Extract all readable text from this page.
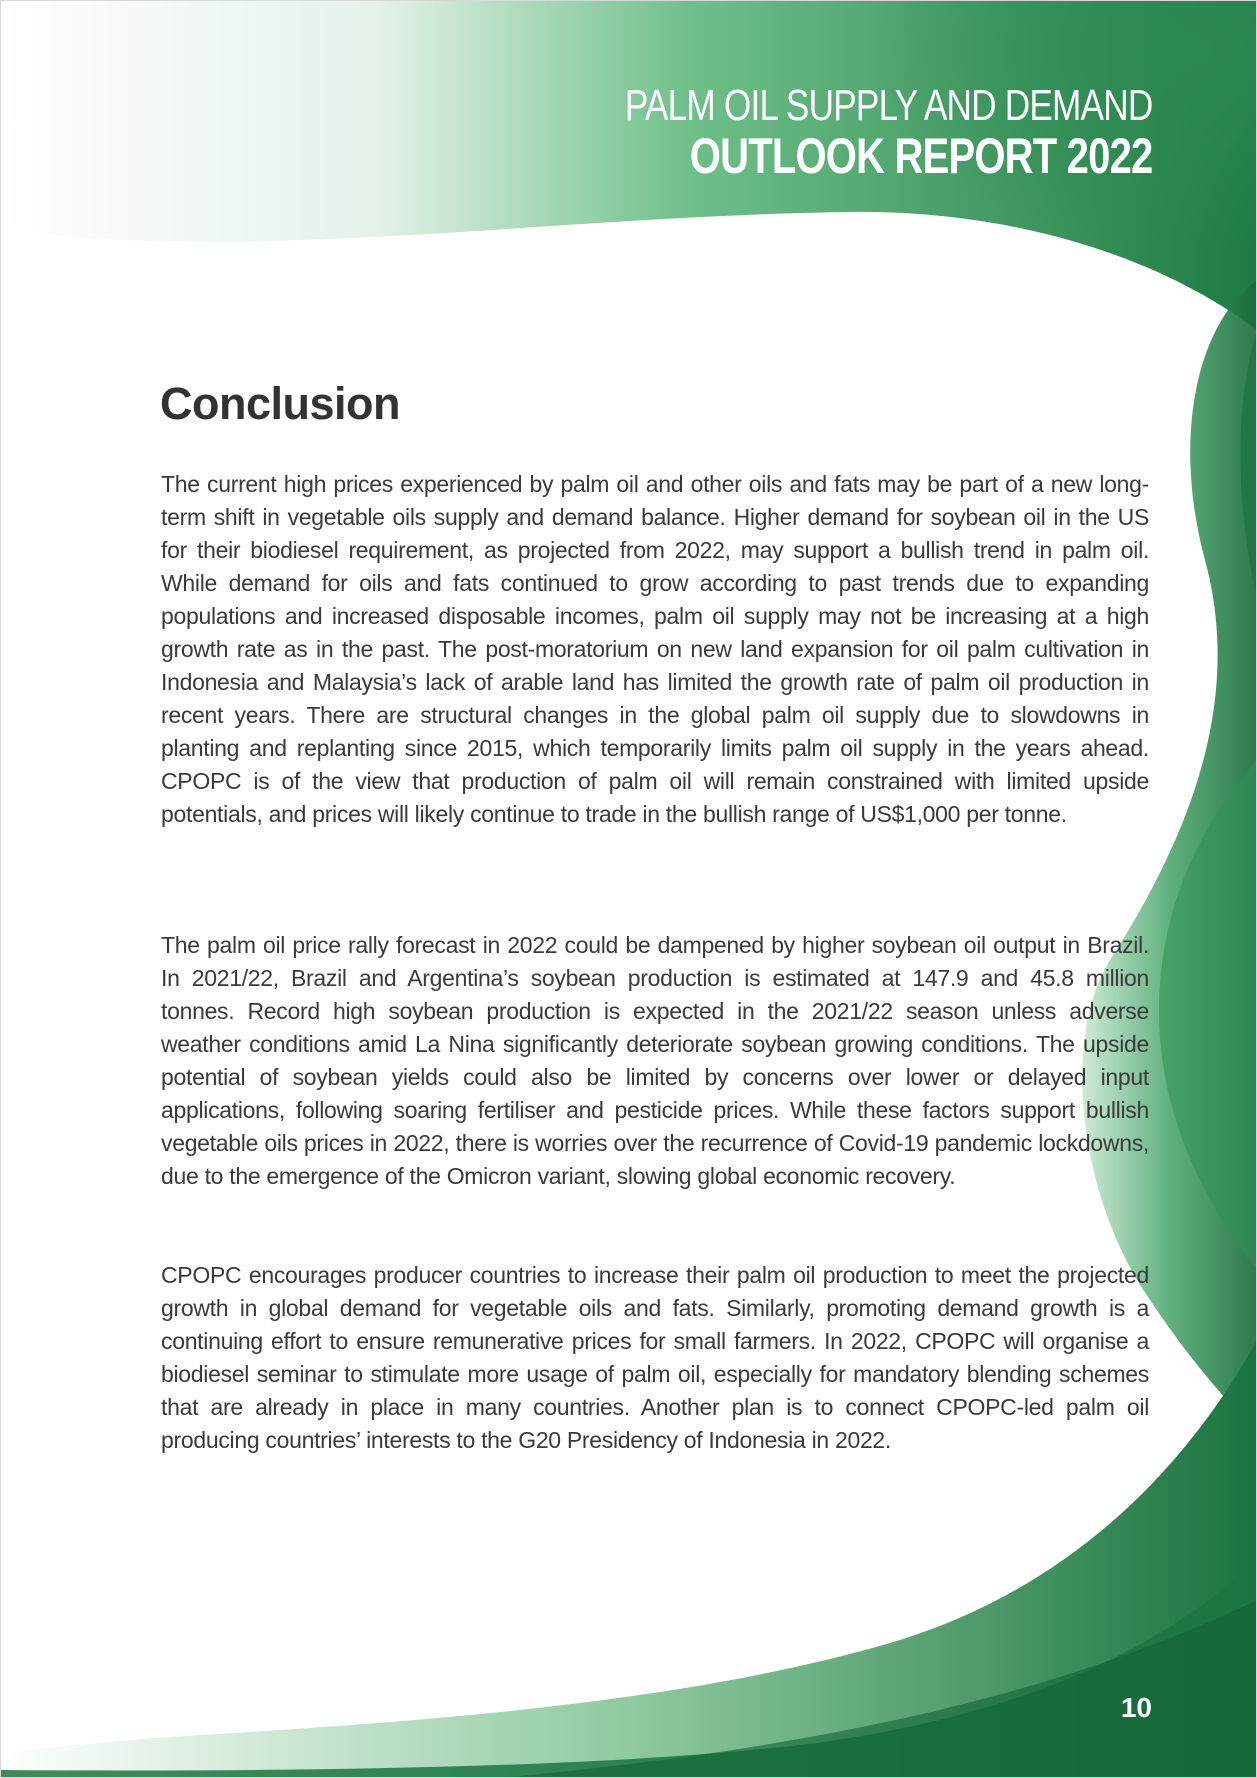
PALM OIL SUPPLY AND DEMAND
OUTLOOK REPORT 2022
Conclusion

The current high prices experienced by palm oil and other oils and fats may be part of a new long-term shift in vegetable oils supply and demand balance. Higher demand for soybean oil in the US for their biodiesel requirement, as projected from 2022, may support a bullish trend in palm oil. While demand for oils and fats continued to grow according to past trends due to expanding populations and increased disposable incomes, palm oil supply may not be increasing at a high growth rate as in the past. The post-moratorium on new land expansion for oil palm cultivation in Indonesia and Malaysia’s lack of arable land has limited the growth rate of palm oil production in recent years. There are structural changes in the global palm oil supply due to slowdowns in planting and replanting since 2015, which temporarily limits palm oil supply in the years ahead. CPOPC is of the view that production of palm oil will remain constrained with limited upside potentials, and prices will likely continue to trade in the bullish range of US$1,000 per tonne.

The palm oil price rally forecast in 2022 could be dampened by higher soybean oil output in Brazil. In 2021/22, Brazil and Argentina’s soybean production is estimated at 147.9 and 45.8 million tonnes. Record high soybean production is expected in the 2021/22 season unless adverse weather conditions amid La Nina significantly deteriorate soybean growing conditions. The upside potential of soybean yields could also be limited by concerns over lower or delayed input applications, following soaring fertiliser and pesticide prices. While these factors support bullish vegetable oils prices in 2022, there is worries over the recurrence of Covid-19 pandemic lockdowns, due to the emergence of the Omicron variant, slowing global economic recovery.

CPOPC encourages producer countries to increase their palm oil production to meet the projected growth in global demand for vegetable oils and fats. Similarly, promoting demand growth is a continuing effort to ensure remunerative prices for small farmers. In 2022, CPOPC will organise a biodiesel seminar to stimulate more usage of palm oil, especially for mandatory blending schemes that are already in place in many countries. Another plan is to connect CPOPC-led palm oil producing countries’ interests to the G20 Presidency of Indonesia in 2022.

10
